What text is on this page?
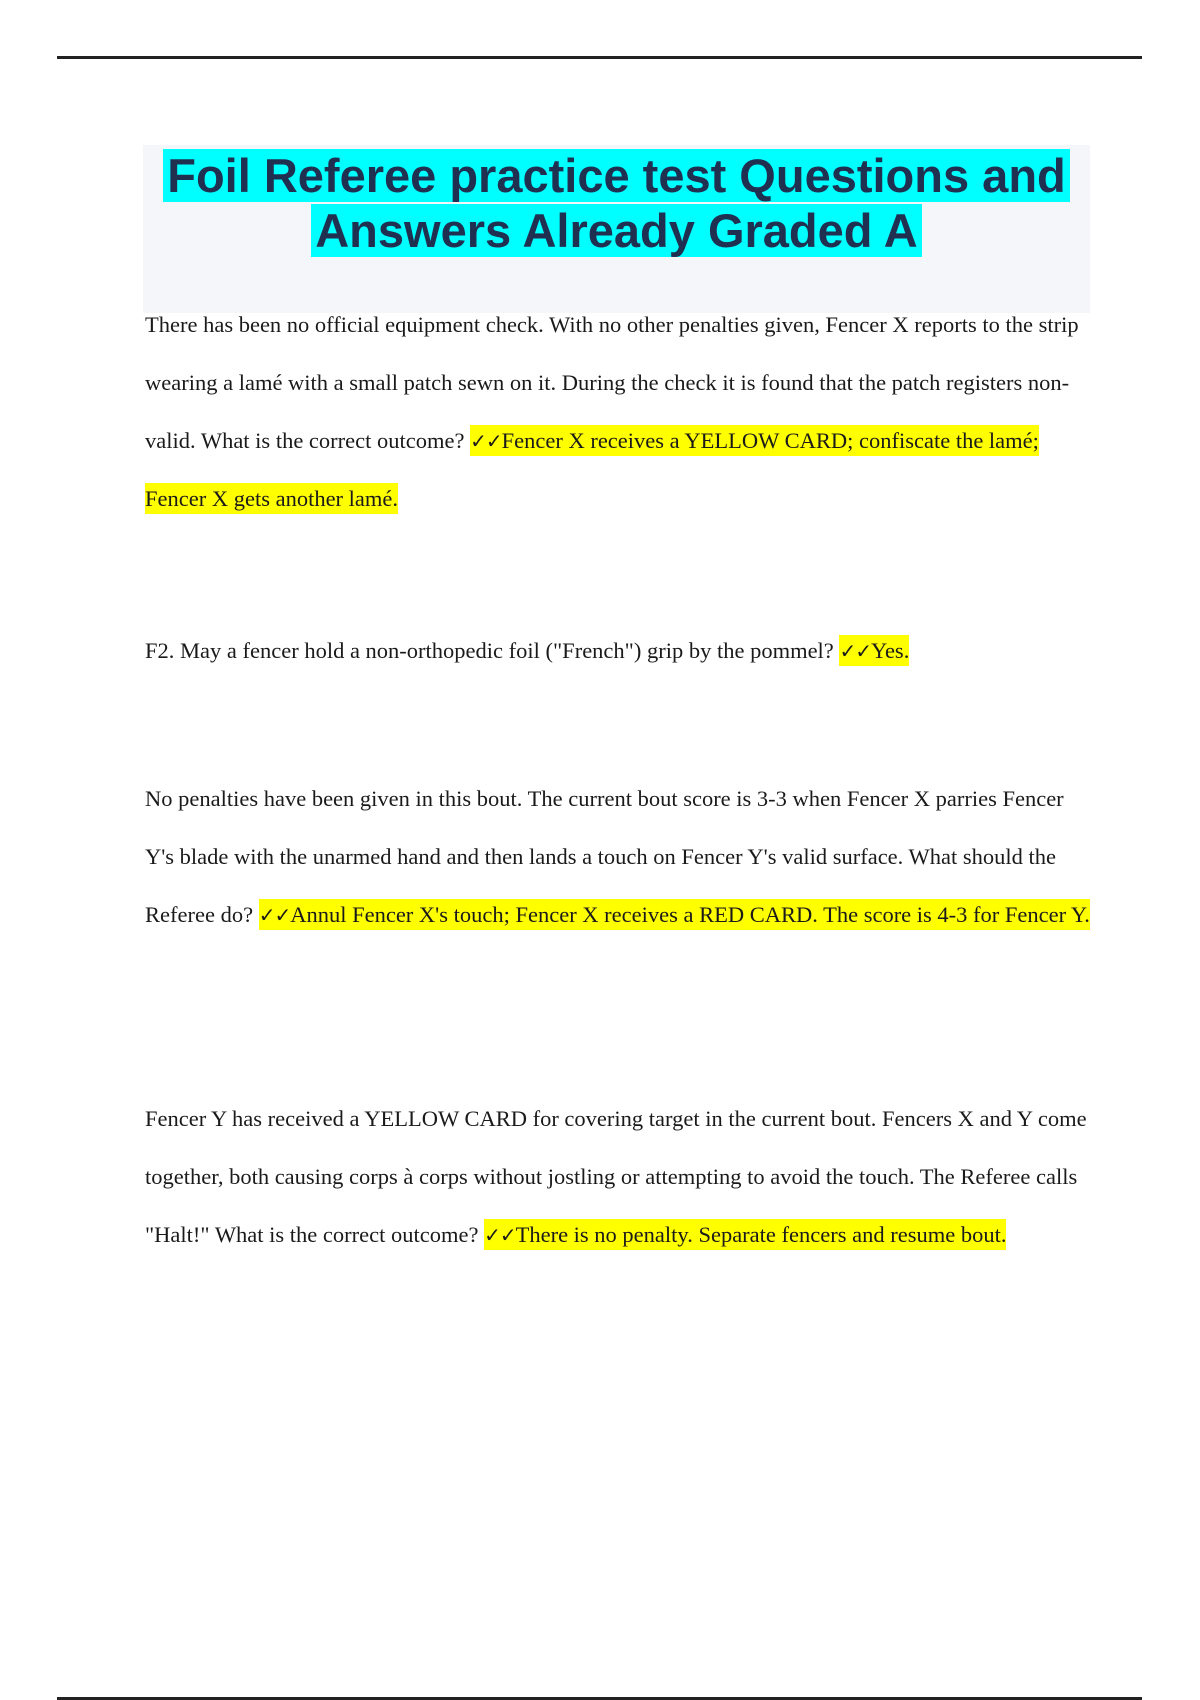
Foil Referee practice test Questions and
Answers Already Graded A

There has been no official equipment check. With no other penalties given, Fencer X reports to the strip wearing a lamé with a small patch sewn on it. During the check it is found that the patch registers non-valid. What is the correct outcome? ✓✓Fencer X receives a YELLOW CARD; confiscate the lamé; Fencer X gets another lamé.

F2. May a fencer hold a non-orthopedic foil ("French") grip by the pommel? ✓✓Yes.

No penalties have been given in this bout. The current bout score is 3-3 when Fencer X parries Fencer Y's blade with the unarmed hand and then lands a touch on Fencer Y's valid surface. What should the Referee do? ✓✓Annul Fencer X's touch; Fencer X receives a RED CARD. The score is 4-3 for Fencer Y.

Fencer Y has received a YELLOW CARD for covering target in the current bout. Fencers X and Y come together, both causing corps à corps without jostling or attempting to avoid the touch. The Referee calls "Halt!" What is the correct outcome? ✓✓There is no penalty. Separate fencers and resume bout.
